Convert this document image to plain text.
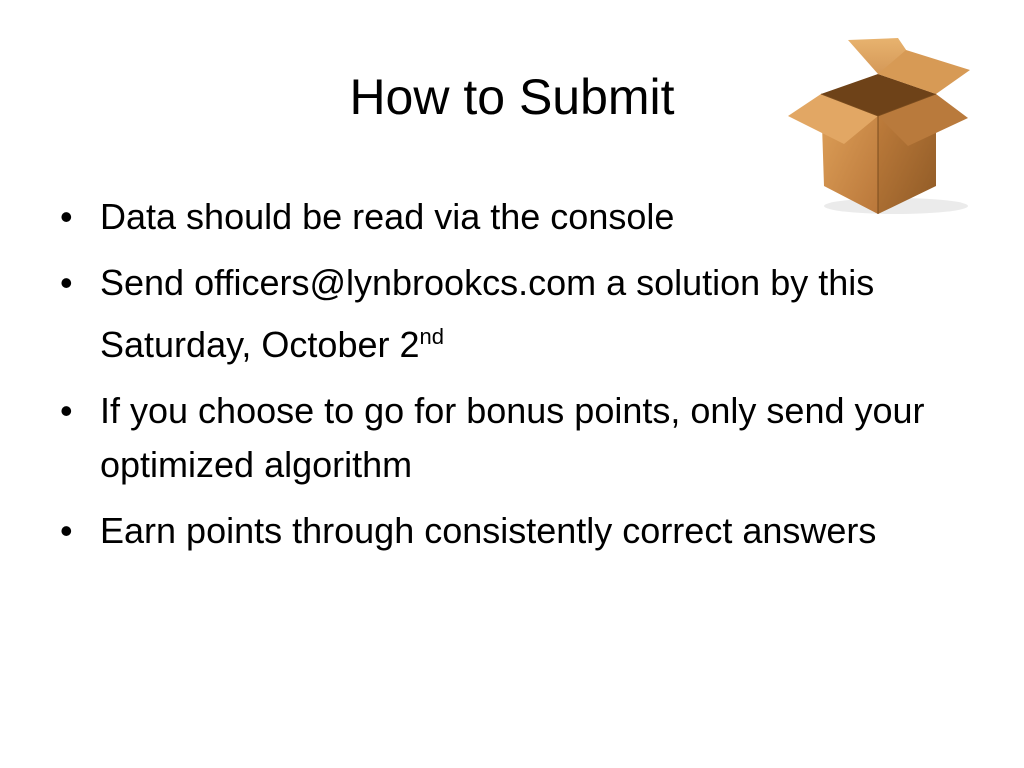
How to Submit
• Data should be read via the console
• Send officers@lynbrookcs.com a solution by this Saturday, October 2nd
• If you choose to go for bonus points, only send your optimized algorithm
• Earn points through consistently correct answers
